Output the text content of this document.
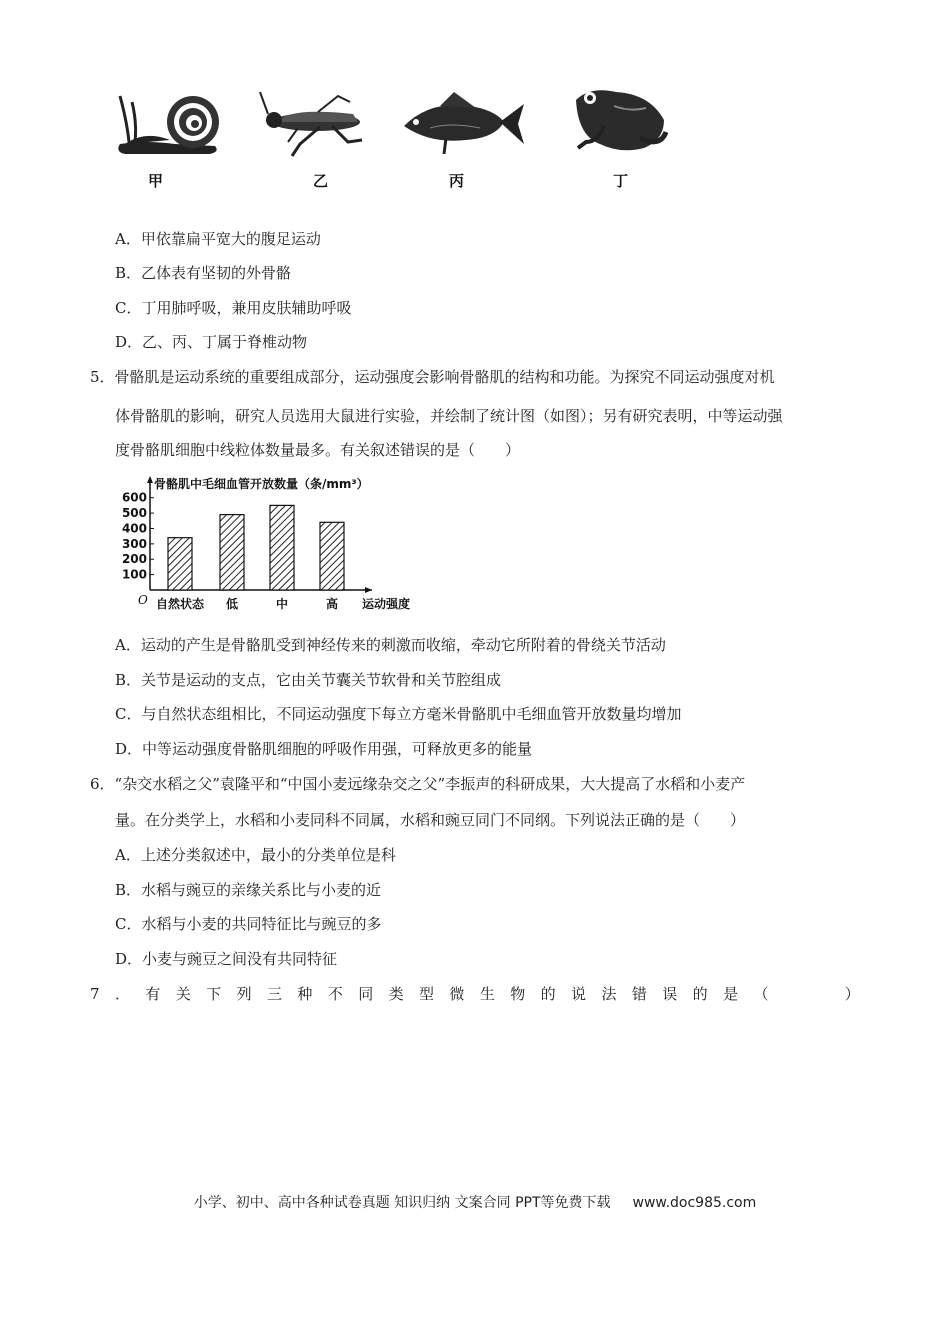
甲	乙	丙	丁
A．甲依靠扁平宽大的腹足运动
B．乙体表有坚韧的外骨骼
C．丁用肺呼吸，兼用皮肤辅助呼吸
D．乙、丙、丁属于脊椎动物
5．骨骼肌是运动系统的重要组成部分，运动强度会影响骨骼肌的结构和功能。为探究不同运动强度对机
体骨骼肌的影响，研究人员选用大鼠进行实验，并绘制了统计图（如图）；另有研究表明，中等运动强
度骨骼肌细胞中线粒体数量最多。有关叙述错误的是（　　）
骨骼肌中毛细血管开放数量（条/mm³）
100
200
300
400
500
600
O 自然状态 低	中	高 运动强度
A．运动的产生是骨骼肌受到神经传来的刺激而收缩，牵动它所附着的骨绕关节活动
B．关节是运动的支点，它由关节囊关节软骨和关节腔组成
C．与自然状态组相比，不同运动强度下每立方毫米骨骼肌中毛细血管开放数量均增加
D．中等运动强度骨骼肌细胞的呼吸作用强，可释放更多的能量
6．“杂交水稻之父”袁隆平和“中国小麦远缘杂交之父”李振声的科研成果，大大提高了水稻和小麦产
量。在分类学上，水稻和小麦同科不同属，水稻和豌豆同门不同纲。下列说法正确的是（　　）
A．上述分类叙述中，最小的分类单位是科
B．水稻与豌豆的亲缘关系比与小麦的近
C．水稻与小麦的共同特征比与豌豆的多
D．小麦与豌豆之间没有共同特征
7 ． 有 关 下 列 三 种 不 同 类 型 微 生 物 的 说 法 错 误 的 是 （

　	）
小学、初中、高中各种试卷真题 知识归纳 文案合同 PPT等免费下载 www.doc985.com
